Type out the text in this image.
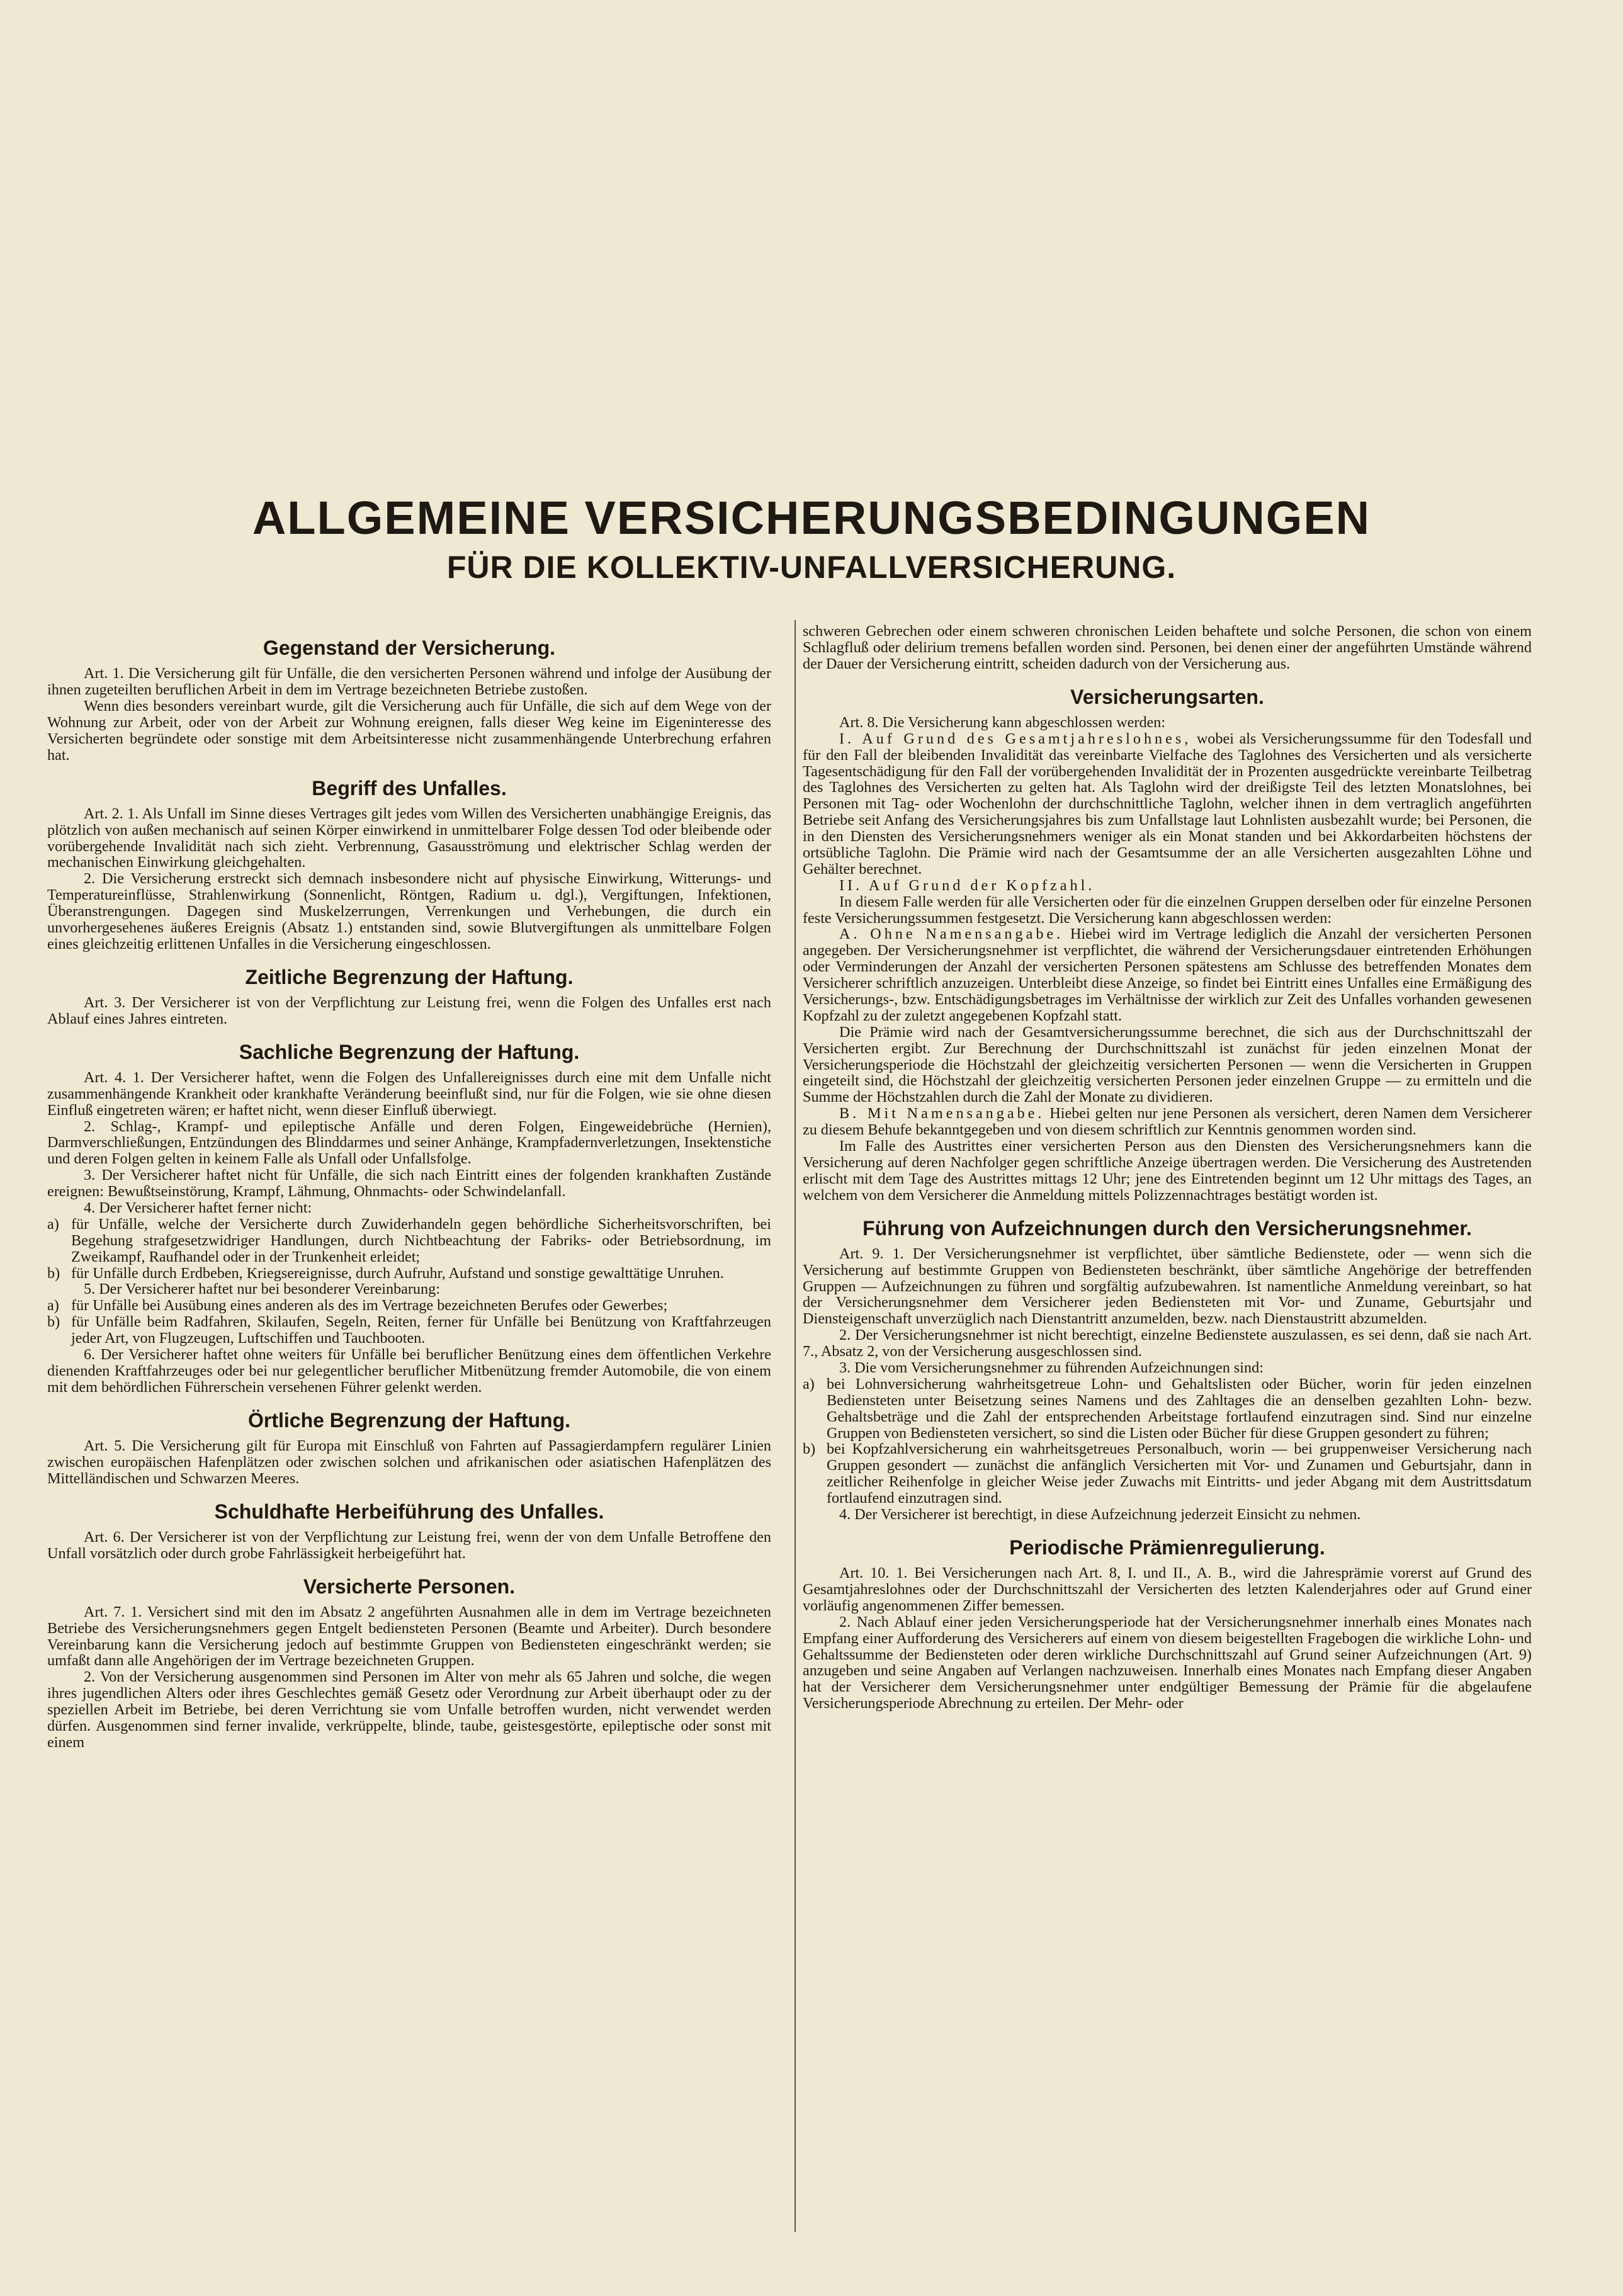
ALLGEMEINE VERSICHERUNGSBEDINGUNGEN
FÜR DIE KOLLEKTIV-UNFALLVERSICHERUNG.
Gegenstand der Versicherung.

Art. 1. Die Versicherung gilt für Unfälle, die den versicherten Personen während und infolge der Ausübung der ihnen zugeteilten beruflichen Arbeit in dem im Vertrage bezeichneten Betriebe zustoßen.

Wenn dies besonders vereinbart wurde, gilt die Versicherung auch für Unfälle, die sich auf dem Wege von der Wohnung zur Arbeit, oder von der Arbeit zur Wohnung ereignen, falls dieser Weg keine im Eigeninteresse des Versicherten begründete oder sonstige mit dem Arbeitsinteresse nicht zusammenhängende Unterbrechung erfahren hat.

Begriff des Unfalles.

Art. 2. 1. Als Unfall im Sinne dieses Vertrages gilt jedes vom Willen des Versicherten unabhängige Ereignis, das plötzlich von außen mechanisch auf seinen Körper einwirkend in unmittelbarer Folge dessen Tod oder bleibende oder vorübergehende Invalidität nach sich zieht. Verbrennung, Gasausströmung und elektrischer Schlag werden der mechanischen Einwirkung gleichgehalten.

2. Die Versicherung erstreckt sich demnach insbesondere nicht auf physische Einwirkung, Witterungs- und Temperatureinflüsse, Strahlenwirkung (Sonnenlicht, Röntgen, Radium u. dgl.), Vergiftungen, Infektionen, Überanstrengungen. Dagegen sind Muskelzerrungen, Verrenkungen und Verhebungen, die durch ein unvorhergesehenes äußeres Ereignis (Absatz 1.) entstanden sind, sowie Blutvergiftungen als unmittelbare Folgen eines gleichzeitig erlittenen Unfalles in die Versicherung eingeschlossen.

Zeitliche Begrenzung der Haftung.

Art. 3. Der Versicherer ist von der Verpflichtung zur Leistung frei, wenn die Folgen des Unfalles erst nach Ablauf eines Jahres eintreten.

Sachliche Begrenzung der Haftung.

Art. 4. 1. Der Versicherer haftet, wenn die Folgen des Unfallereignisses durch eine mit dem Unfalle nicht zusammenhängende Krankheit oder krankhafte Veränderung beeinflußt sind, nur für die Folgen, wie sie ohne diesen Einfluß eingetreten wären; er haftet nicht, wenn dieser Einfluß überwiegt.

2. Schlag-, Krampf- und epileptische Anfälle und deren Folgen, Eingeweidebrüche (Hernien), Darmverschließungen, Entzündungen des Blinddarmes und seiner Anhänge, Krampfadernverletzungen, Insektenstiche und deren Folgen gelten in keinem Falle als Unfall oder Unfallsfolge.

3. Der Versicherer haftet nicht für Unfälle, die sich nach Eintritt eines der folgenden krankhaften Zustände ereignen: Bewußtseinstörung, Krampf, Lähmung, Ohnmachts- oder Schwindelanfall.

4. Der Versicherer haftet ferner nicht:

a) für Unfälle, welche der Versicherte durch Zuwiderhandeln gegen behördliche Sicherheitsvorschriften, bei Begehung strafgesetzwidriger Handlungen, durch Nichtbeachtung der Fabriks- oder Betriebsordnung, im Zweikampf, Raufhandel oder in der Trunkenheit erleidet;

b) für Unfälle durch Erdbeben, Kriegsereignisse, durch Aufruhr, Aufstand und sonstige gewalttätige Unruhen.

5. Der Versicherer haftet nur bei besonderer Vereinbarung:

a) für Unfälle bei Ausübung eines anderen als des im Vertrage bezeichneten Berufes oder Gewerbes;

b) für Unfälle beim Radfahren, Skilaufen, Segeln, Reiten, ferner für Unfälle bei Benützung von Kraftfahrzeugen jeder Art, von Flugzeugen, Luftschiffen und Tauchbooten.

6. Der Versicherer haftet ohne weiters für Unfälle bei beruflicher Benützung eines dem öffentlichen Verkehre dienenden Kraftfahrzeuges oder bei nur gelegentlicher beruflicher Mitbenützung fremder Automobile, die von einem mit dem behördlichen Führerschein versehenen Führer gelenkt werden.

Örtliche Begrenzung der Haftung.

Art. 5. Die Versicherung gilt für Europa mit Einschluß von Fahrten auf Passagierdampfern regulärer Linien zwischen europäischen Hafenplätzen oder zwischen solchen und afrikanischen oder asiatischen Hafenplätzen des Mittelländischen und Schwarzen Meeres.

Schuldhafte Herbeiführung des Unfalles.

Art. 6. Der Versicherer ist von der Verpflichtung zur Leistung frei, wenn der von dem Unfalle Betroffene den Unfall vorsätzlich oder durch grobe Fahrlässigkeit herbeigeführt hat.

Versicherte Personen.

Art. 7. 1. Versichert sind mit den im Absatz 2 angeführten Ausnahmen alle in dem im Vertrage bezeichneten Betriebe des Versicherungsnehmers gegen Entgelt bediensteten Personen (Beamte und Arbeiter). Durch besondere Vereinbarung kann die Versicherung jedoch auf bestimmte Gruppen von Bediensteten eingeschränkt werden; sie umfaßt dann alle Angehörigen der im Vertrage bezeichneten Gruppen.

2. Von der Versicherung ausgenommen sind Personen im Alter von mehr als 65 Jahren und solche, die wegen ihres jugendlichen Alters oder ihres Geschlechtes gemäß Gesetz oder Verordnung zur Arbeit überhaupt oder zu der speziellen Arbeit im Betriebe, bei deren Verrichtung sie vom Unfalle betroffen wurden, nicht verwendet werden dürfen. Ausgenommen sind ferner invalide, verkrüppelte, blinde, taube, geistesgestörte, epileptische oder sonst mit einem

schweren Gebrechen oder einem schweren chronischen Leiden behaftete und solche Personen, die schon von einem Schlagfluß oder delirium tremens befallen worden sind. Personen, bei denen einer der angeführten Umstände während der Dauer der Versicherung eintritt, scheiden dadurch von der Versicherung aus.

Versicherungsarten.

Art. 8. Die Versicherung kann abgeschlossen werden:

I. Auf Grund des Gesamtjahreslohnes, wobei als Versicherungssumme für den Todesfall und für den Fall der bleibenden Invalidität das vereinbarte Vielfache des Taglohnes des Versicherten und als versicherte Tagesentschädigung für den Fall der vorübergehenden Invalidität der in Prozenten ausgedrückte vereinbarte Teilbetrag des Taglohnes des Versicherten zu gelten hat. Als Taglohn wird der dreißigste Teil des letzten Monatslohnes, bei Personen mit Tag- oder Wochenlohn der durchschnittliche Taglohn, welcher ihnen in dem vertraglich angeführten Betriebe seit Anfang des Versicherungsjahres bis zum Unfallstage laut Lohnlisten ausbezahlt wurde; bei Personen, die in den Diensten des Versicherungsnehmers weniger als ein Monat standen und bei Akkordarbeiten höchstens der ortsübliche Taglohn. Die Prämie wird nach der Gesamtsumme der an alle Versicherten ausgezahlten Löhne und Gehälter berechnet.

II. Auf Grund der Kopfzahl.

In diesem Falle werden für alle Versicherten oder für die einzelnen Gruppen derselben oder für einzelne Personen feste Versicherungssummen festgesetzt. Die Versicherung kann abgeschlossen werden:

A. Ohne Namensangabe. Hiebei wird im Vertrage lediglich die Anzahl der versicherten Personen angegeben. Der Versicherungsnehmer ist verpflichtet, die während der Versicherungsdauer eintretenden Erhöhungen oder Verminderungen der Anzahl der versicherten Personen spätestens am Schlusse des betreffenden Monates dem Versicherer schriftlich anzuzeigen. Unterbleibt diese Anzeige, so findet bei Eintritt eines Unfalles eine Ermäßigung des Versicherungs-, bzw. Entschädigungsbetrages im Verhältnisse der wirklich zur Zeit des Unfalles vorhanden gewesenen Kopfzahl zu der zuletzt angegebenen Kopfzahl statt.

Die Prämie wird nach der Gesamtversicherungssumme berechnet, die sich aus der Durchschnittszahl der Versicherten ergibt. Zur Berechnung der Durchschnittszahl ist zunächst für jeden einzelnen Monat der Versicherungsperiode die Höchstzahl der gleichzeitig versicherten Personen — wenn die Versicherten in Gruppen eingeteilt sind, die Höchstzahl der gleichzeitig versicherten Personen jeder einzelnen Gruppe — zu ermitteln und die Summe der Höchstzahlen durch die Zahl der Monate zu dividieren.

B. Mit Namensangabe. Hiebei gelten nur jene Personen als versichert, deren Namen dem Versicherer zu diesem Behufe bekanntgegeben und von diesem schriftlich zur Kenntnis genommen worden sind.

Im Falle des Austrittes einer versicherten Person aus den Diensten des Versicherungsnehmers kann die Versicherung auf deren Nachfolger gegen schriftliche Anzeige übertragen werden. Die Versicherung des Austretenden erlischt mit dem Tage des Austrittes mittags 12 Uhr; jene des Eintretenden beginnt um 12 Uhr mittags des Tages, an welchem von dem Versicherer die Anmeldung mittels Polizzennachtrages bestätigt worden ist.

Führung von Aufzeichnungen durch den Versicherungsnehmer.

Art. 9. 1. Der Versicherungsnehmer ist verpflichtet, über sämtliche Bedienstete, oder — wenn sich die Versicherung auf bestimmte Gruppen von Bediensteten beschränkt, über sämtliche Angehörige der betreffenden Gruppen — Aufzeichnungen zu führen und sorgfältig aufzubewahren. Ist namentliche Anmeldung vereinbart, so hat der Versicherungsnehmer dem Versicherer jeden Bediensteten mit Vor- und Zuname, Geburtsjahr und Diensteigenschaft unverzüglich nach Dienstantritt anzumelden, bezw. nach Dienstaustritt abzumelden.

2. Der Versicherungsnehmer ist nicht berechtigt, einzelne Bedienstete auszulassen, es sei denn, daß sie nach Art. 7., Absatz 2, von der Versicherung ausgeschlossen sind.

3. Die vom Versicherungsnehmer zu führenden Aufzeichnungen sind:

a) bei Lohnversicherung wahrheitsgetreue Lohn- und Gehaltslisten oder Bücher, worin für jeden einzelnen Bediensteten unter Beisetzung seines Namens und des Zahltages die an denselben gezahlten Lohn- bezw. Gehaltsbeträge und die Zahl der entsprechenden Arbeitstage fortlaufend einzutragen sind. Sind nur einzelne Gruppen von Bediensteten versichert, so sind die Listen oder Bücher für diese Gruppen gesondert zu führen;

b) bei Kopfzahlversicherung ein wahrheitsgetreues Personalbuch, worin — bei gruppenweiser Versicherung nach Gruppen gesondert — zunächst die anfänglich Versicherten mit Vor- und Zunamen und Geburtsjahr, dann in zeitlicher Reihenfolge in gleicher Weise jeder Zuwachs mit Eintritts- und jeder Abgang mit dem Austrittsdatum fortlaufend einzutragen sind.

4. Der Versicherer ist berechtigt, in diese Aufzeichnung jederzeit Einsicht zu nehmen.

Periodische Prämienregulierung.

Art. 10. 1. Bei Versicherungen nach Art. 8, I. und II., A. B., wird die Jahresprämie vorerst auf Grund des Gesamtjahreslohnes oder der Durchschnittszahl der Versicherten des letzten Kalenderjahres oder auf Grund einer vorläufig angenommenen Ziffer bemessen.

2. Nach Ablauf einer jeden Versicherungsperiode hat der Versicherungsnehmer innerhalb eines Monates nach Empfang einer Aufforderung des Versicherers auf einem von diesem beigestellten Fragebogen die wirkliche Lohn- und Gehaltssumme der Bediensteten oder deren wirkliche Durchschnittszahl auf Grund seiner Aufzeichnungen (Art. 9) anzugeben und seine Angaben auf Verlangen nachzuweisen. Innerhalb eines Monates nach Empfang dieser Angaben hat der Versicherer dem Versicherungsnehmer unter endgültiger Bemessung der Prämie für die abgelaufene Versicherungsperiode Abrechnung zu erteilen. Der Mehr- oder
